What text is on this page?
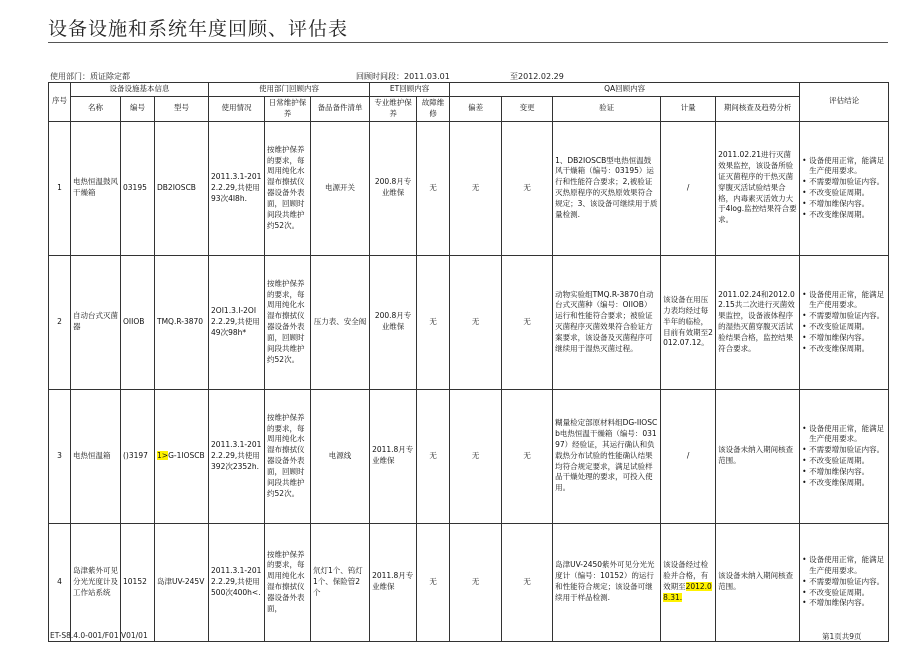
设备设施和系统年度回顾、评估表
使用部门：质证除定都	回顾时间段：2011.03.01	至2012.02.29
序号	设备设施基本信息			使用部门回顾内容			ET回顾内容		QA回顾内容					评估结论
	名称	编号	型号	使用情况	日常维护保养	备品备件清单	专业维护保养	故障维修	偏差	变更	验证	计量	期间核查及趋势分析	
1	电热恒温鼓风干燥箱	03195	DB2IOSCB	2011.3.1-2012.2.29,共使用93次4I8h.	按维护保养的要求，每周用纯化水湿布擦拭仪器设备外表面，回顾时间段共维护约52次。	电源开关	200.8月专业维保	无	无	无	1、DB2IOSCB型电热恒温鼓风干燥箱（编号：03195）运行和性能符合要求；2,被验证灭热原程序的灭热原效果符合规定；3、该设备可继续用于质量检测.	/	2011.02.21进行灭菌效果监控，该设备所验证灭菌程序的干热灭菌穿腹灭活试验结果合格，内毒素灭活效力大于4log.监控结果符合要求。	• 设备使用正常，能满足生产使用要求。
• 不需要增加验证内容。
• 不改变验证周期。
• 不增加维保内容。
• 不改变维保周期。

2	自动台式灭菌器	OIIOB	TMQ.R-3870	2OI1.3.I-2OI2.2.29,共使用49次98h*	按维护保养的要求，每周用纯化水湿布擦拭仪器设备外表面，回顾时间段共维护约52次。	压力表、安全阀	200.8月专业维保	无	无	无	动物实验组TMQ.R-3870自动台式灭菌种（编号：OIIOB）运行和性能符合要求；被验证灭菌程序灭菌效果符合验证方案要求，该设备及灭菌程序可继续用于湿热灭菌过程。	该设备在用压力表均经过每半年的临检，目前有效期至2012.07.12。	2011.02.24和2012.02.15共二次进行灭菌效果监控，设备液体程序的湿热灭菌穿腹灭活试验结果合格，监控结果符合要求。	• 设备使用正常，能满足生产使用要求。
• 不需要增加验证内容。
• 不改变验证周期。
• 不增加维保内容。
• 不改变维保周期。

3	电热恒温箱	()3197	1>G-1IOSCB	2011.3.1-2012.2.29,共使用392次2352h.	按维护保养的要求，每周用纯化水湿布擦拭仪器设备外表面，回顾时间段共维护约52次。	电源线	2011.8月专业维保	无	无	无	糊量检定部原材料组DG-IIOSCb电热恒温干燥箱（编号：03197）经验证，其运行确认和负载热分布试验的性能确认结果均符合规定要求，满足试验样品干燥处理的要求，可投入使用。	/	该设备未纳入期间核查范围。	• 设备使用正常，能满足生产使用要求。
• 不需要增加验证内容。
• 不改变验证周期。
• 不增加维保内容。
• 不改变维保周期。

4	岛津紫外可见分光光度计及工作站系统	10152	岛津UV-245V	2011.3.1-2012.2.29,共使用500次400h<.	按维护保养的要求，每周用纯化水湿布擦拭仪器设备外表面，	氘灯1个、钨灯1个、保险管2个	2011.8月专业维保	无	无	无	岛津UV-2450紫外可见分光光度计（编号：10152）的运行和性能符合规定；该设备可继续用于样品检测.	该设备经过检验并合格，有效期至2012.08.31.	该设备未纳入期间核查范围。	• 设备使用正常，能满足生产使用要求。
• 不需要增加验证内容。
• 不改变验证周期。
• 不增加维保内容。
ET-S8.4.0-001/F01 V01/01	第1页共9页
